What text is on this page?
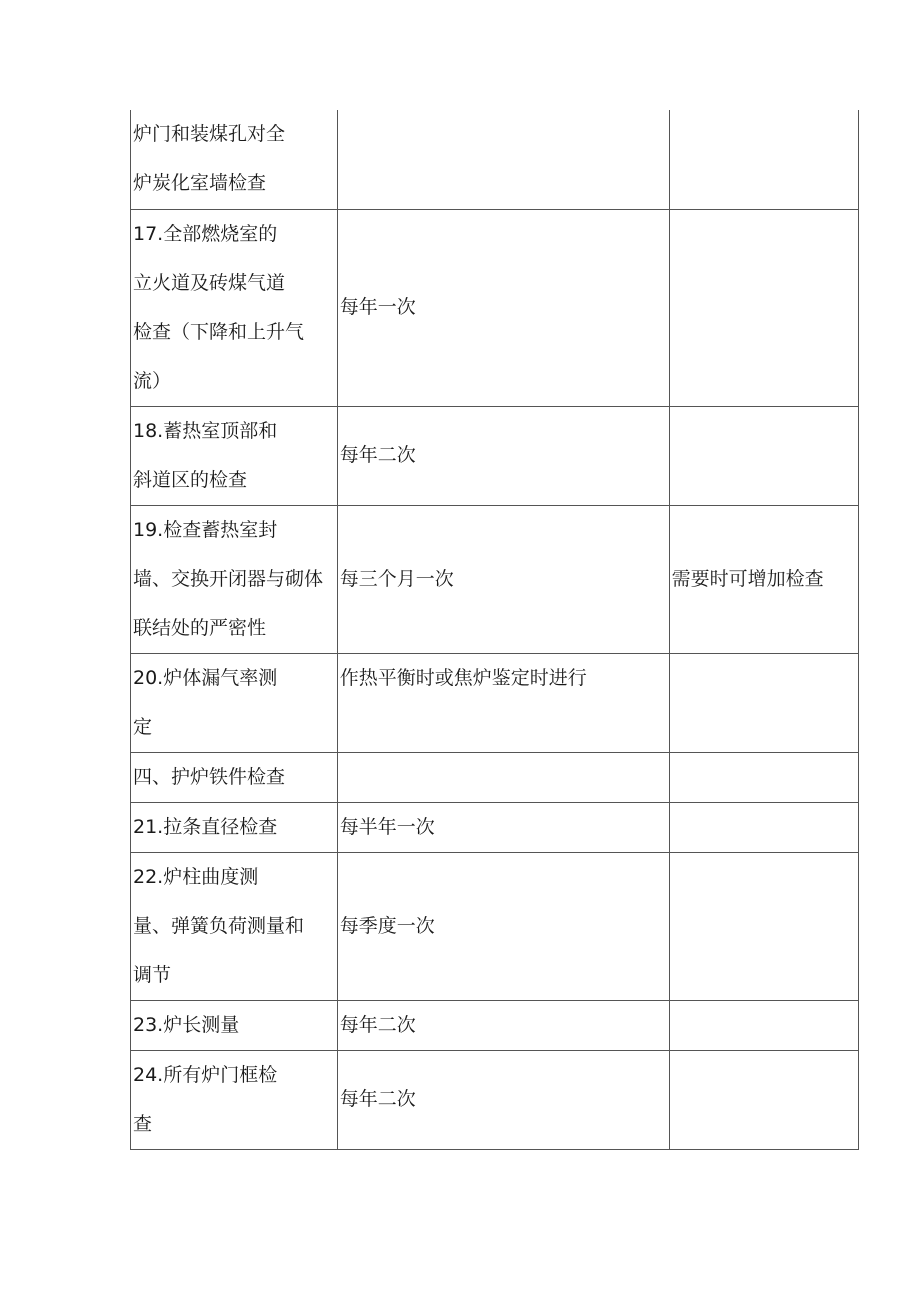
炉门和装煤孔对全
炉炭化室墙检查		

17.全部燃烧室的
立火道及砖煤气道
检查（下降和上升气
流）	每年一次	

18.蓄热室顶部和
斜道区的检查	每年二次	

19.检查蓄热室封
墙、交换开闭器与砌体
联结处的严密性	每三个月一次	需要时可增加检查

20.炉体漏气率测
定	作热平衡时或焦炉鉴定时进行	
四、护炉铁件检查		
21.拉条直径检查	每半年一次	

22.炉柱曲度测
量、弹簧负荷测量和
调节	每季度一次	
23.炉长测量	每年二次	

24.所有炉门框检
查	每年二次	
